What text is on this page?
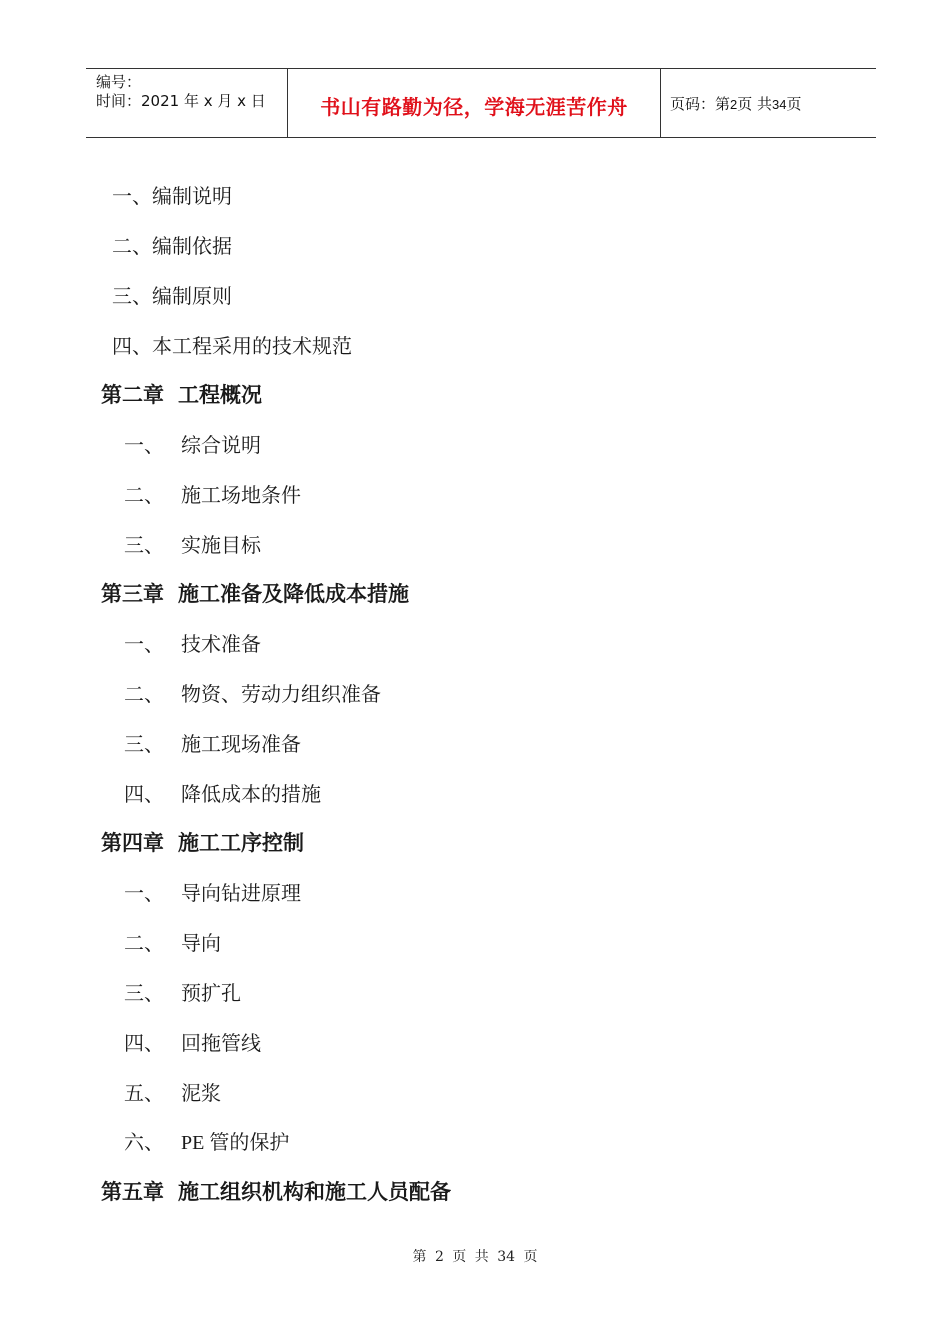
编号：
时间：2021 年 x 月 x 日	书山有路勤为径，学海无涯苦作舟	页码：第2页 共34页
一、编制说明
二、编制依据
三、编制原则
四、本工程采用的技术规范
第二章 工程概况
一、 综合说明
二、 施工场地条件
三、 实施目标
第三章 施工准备及降低成本措施
一、 技术准备
二、 物资、劳动力组织准备
三、 施工现场准备
四、 降低成本的措施
第四章 施工工序控制
一、 导向钻进原理
二、 导向
三、 预扩孔
四、 回拖管线
五、 泥浆
六、 PE 管的保护
第五章 施工组织机构和施工人员配备
第 2 页 共 34 页
